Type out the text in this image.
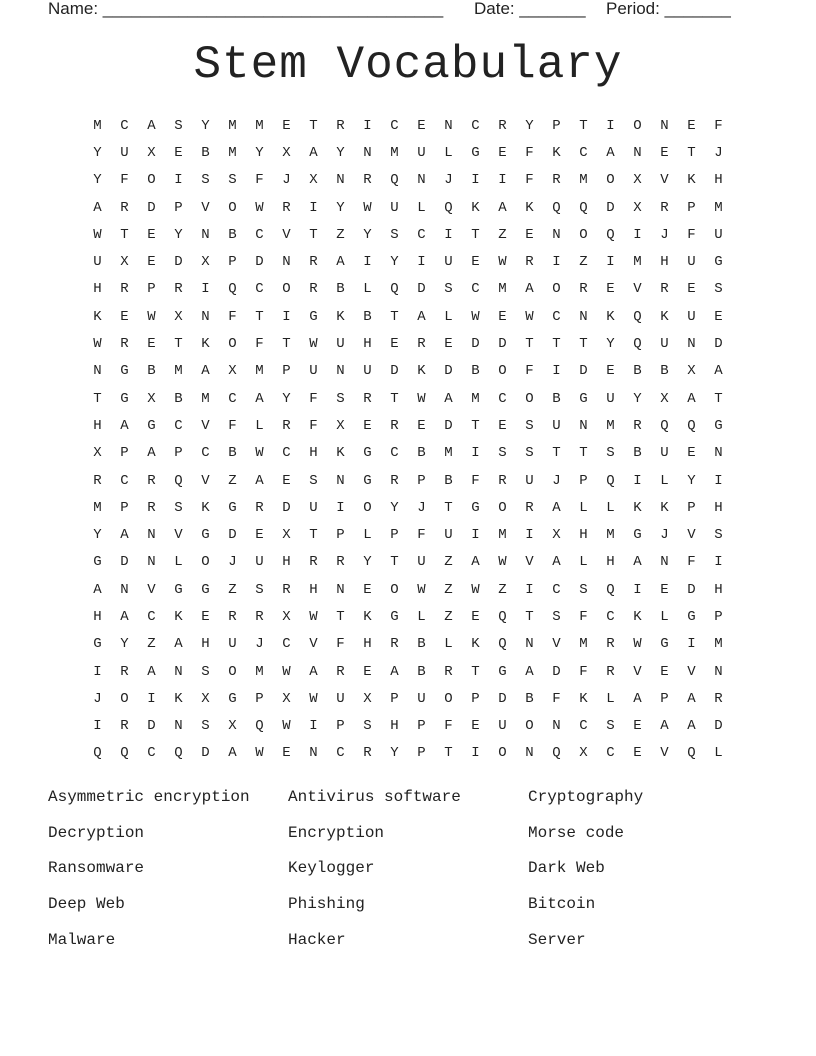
Name: ____________________________________ Date: _______ Period: _______
Stem Vocabulary
M	C	A	S	Y	M	M	E	T	R	I	C	E	N	C	R	Y	P	T	I	O	N	E	F
Y	U	X	E	B	M	Y	X	A	Y	N	M	U	L	G	E	F	K	C	A	N	E	T	J
Y	F	O	I	S	S	F	J	X	N	R	Q	N	J	I	I	F	R	M	O	X	V	K	H
A	R	D	P	V	O	W	R	I	Y	W	U	L	Q	K	A	K	Q	Q	D	X	R	P	M
W	T	E	Y	N	B	C	V	T	Z	Y	S	C	I	T	Z	E	N	O	Q	I	J	F	U
U	X	E	D	X	P	D	N	R	A	I	Y	I	U	E	W	R	I	Z	I	M	H	U	G
H	R	P	R	I	Q	C	O	R	B	L	Q	D	S	C	M	A	O	R	E	V	R	E	S
K	E	W	X	N	F	T	I	G	K	B	T	A	L	W	E	W	C	N	K	Q	K	U	E
W	R	E	T	K	O	F	T	W	U	H	E	R	E	D	D	T	T	T	Y	Q	U	N	D
N	G	B	M	A	X	M	P	U	N	U	D	K	D	B	O	F	I	D	E	B	B	X	A
T	G	X	B	M	C	A	Y	F	S	R	T	W	A	M	C	O	B	G	U	Y	X	A	T
H	A	G	C	V	F	L	R	F	X	E	R	E	D	T	E	S	U	N	M	R	Q	Q	G
X	P	A	P	C	B	W	C	H	K	G	C	B	M	I	S	S	T	T	S	B	U	E	N
R	C	R	Q	V	Z	A	E	S	N	G	R	P	B	F	R	U	J	P	Q	I	L	Y	I
M	P	R	S	K	G	R	D	U	I	O	Y	J	T	G	O	R	A	L	L	K	K	P	H
Y	A	N	V	G	D	E	X	T	P	L	P	F	U	I	M	I	X	H	M	G	J	V	S
G	D	N	L	O	J	U	H	R	R	Y	T	U	Z	A	W	V	A	L	H	A	N	F	I
A	N	V	G	G	Z	S	R	H	N	E	O	W	Z	W	Z	I	C	S	Q	I	E	D	H
H	A	C	K	E	R	R	X	W	T	K	G	L	Z	E	Q	T	S	F	C	K	L	G	P
G	Y	Z	A	H	U	J	C	V	F	H	R	B	L	K	Q	N	V	M	R	W	G	I	M
I	R	A	N	S	O	M	W	A	R	E	A	B	R	T	G	A	D	F	R	V	E	V	N
J	O	I	K	X	G	P	X	W	U	X	P	U	O	P	D	B	F	K	L	A	P	A	R
I	R	D	N	S	X	Q	W	I	P	S	H	P	F	E	U	O	N	C	S	E	A	A	D
Q	Q	C	Q	D	A	W	E	N	C	R	Y	P	T	I	O	N	Q	X	C	E	V	Q	L
Asymmetric encryption	Antivirus software	Cryptography
Decryption	Encryption	Morse code
Ransomware	Keylogger	Dark Web
Deep Web	Phishing	Bitcoin
Malware	Hacker	Server
